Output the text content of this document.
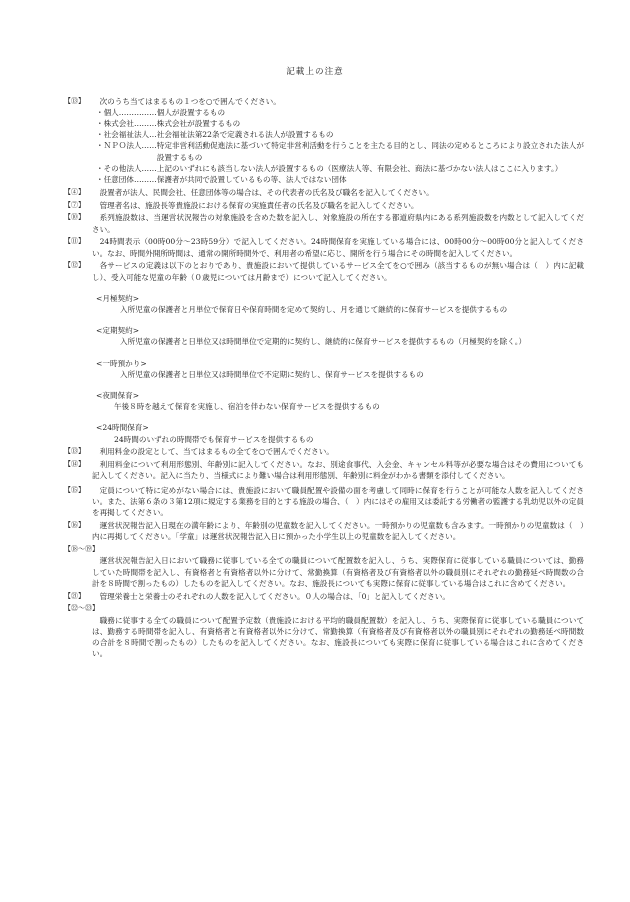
記載上の注意
【⑬】	次のうち当てはまるもの１つを○で囲んでください。
・個人…………… 個人が設置するもの
・株式会社……… 株式会社が設置するもの
・社会福祉法人… 社会福祉法第22条で定義される法人が設置するもの
・ＮＰＯ法人…… 特定非営利活動促進法に基づいて特定非営利活動を行うことを主たる目的とし、同法の定めるところにより設立された法人が設置するもの
・その他法人…… 上記のいずれにも該当しない法人が設置するもの（医療法人等、有限会社、商法に基づかない法人はここに入ります。）
・任意団体……… 保護者が共同で設置しているもの等、法人ではない団体
【④】	設置者が法人、民間会社、任意団体等の場合は、その代表者の氏名及び職名を記入してください。
【⑦】	管理者名は、施設長等貴施設における保育の実施責任者の氏名及び職名を記入してください。
【⑩】	系列施設数は、当運営状況報告の対象施設を含めた数を記入し、対象施設の所在する都道府県内にある系列施設数を内数として記入してください。
【⑪】	24時間表示（00時00分〜23時59分）で記入してください。24時間保育を実施している場合には、00時00分〜00時00分と記入してください。なお、時間外開所時間は、通常の開所時間外で、利用者の希望に応じ、開所を行う場合にその時間を記入してください。
【⑫】	各サービスの定義は以下のとおりであり、貴施設において提供しているサービス全てを○で囲み（該当するものが無い場合は（　）内に記載し）、受入可能な児童の年齢（０歳児については月齢まで）について記入してください。
<月極契約>
入所児童の保護者と月単位で保育日や保育時間を定めて契約し、月を通じて継続的に保育サービスを提供するもの
<定期契約>
入所児童の保護者と日単位又は時間単位で定期的に契約し、継続的に保育サービスを提供するもの（月極契約を除く。）
<一時預かり>
入所児童の保護者と日単位又は時間単位で不定期に契約し、保育サービスを提供するもの
<夜間保育>
午後８時を越えて保育を実施し、宿泊を伴わない保育サービスを提供するもの
<24時間保育>
24時間のいずれの時間帯でも保育サービスを提供するもの
【⑬】	利用料金の設定として、当てはまるもの全てを○で囲んでください。
【⑭】	利用料金について利用形態別、年齢別に記入してください。なお、別途食事代、入会金、キャンセル料等が必要な場合はその費用についても記入してください。記入に当たり、当様式により難い場合は利用形態別、年齢別に料金がわかる書類を添付してください。
【⑮】	定員について特に定めがない場合には、貴施設において職員配置や設備の面を考慮して同時に保育を行うことが可能な人数を記入してください。また、法第６条の３第12項に規定する業務を目的とする施設の場合、（　）内にはその雇用又は委託する労働者の監護する乳幼児以外の定員を再掲してください。
【⑯】	運営状況報告記入日現在の満年齢により、年齢別の児童数を記入してください。一時預かりの児童数も含みます。一時預かりの児童数は（　）内に再掲してください。「学童」は運営状況報告記入日に預かった小学生以上の児童数を記入してください。
【⑱〜⑲】
運営状況報告記入日において職務に従事している全ての職員について配置数を記入し、うち、実際保育に従事している職員については、勤務していた時間帯を記入し、有資格者と有資格者以外に分けて、常勤換算（有資格者及び有資格者以外の職員別にそれぞれの勤務延べ時間数の合計を８時間で割ったもの）したものを記入してください。なお、施設長についても実際に保育に従事している場合はこれに含めてください。
【㉑】	管理栄養士と栄養士のそれぞれの人数を記入してください。０人の場合は、「0」と記入してください。
【㉒〜㉓】
職務に従事する全ての職員について配置予定数（貴施設における平均的職員配置数）を記入し、うち、実際保育に従事している職員については、勤務する時間帯を記入し、有資格者と有資格者以外に分けて、常勤換算（有資格者及び有資格者以外の職員別にそれぞれの勤務延べ時間数の合計を８時間で割ったもの）したものを記入してください。なお、施設長についても実際に保育に従事している場合はこれに含めてください。
